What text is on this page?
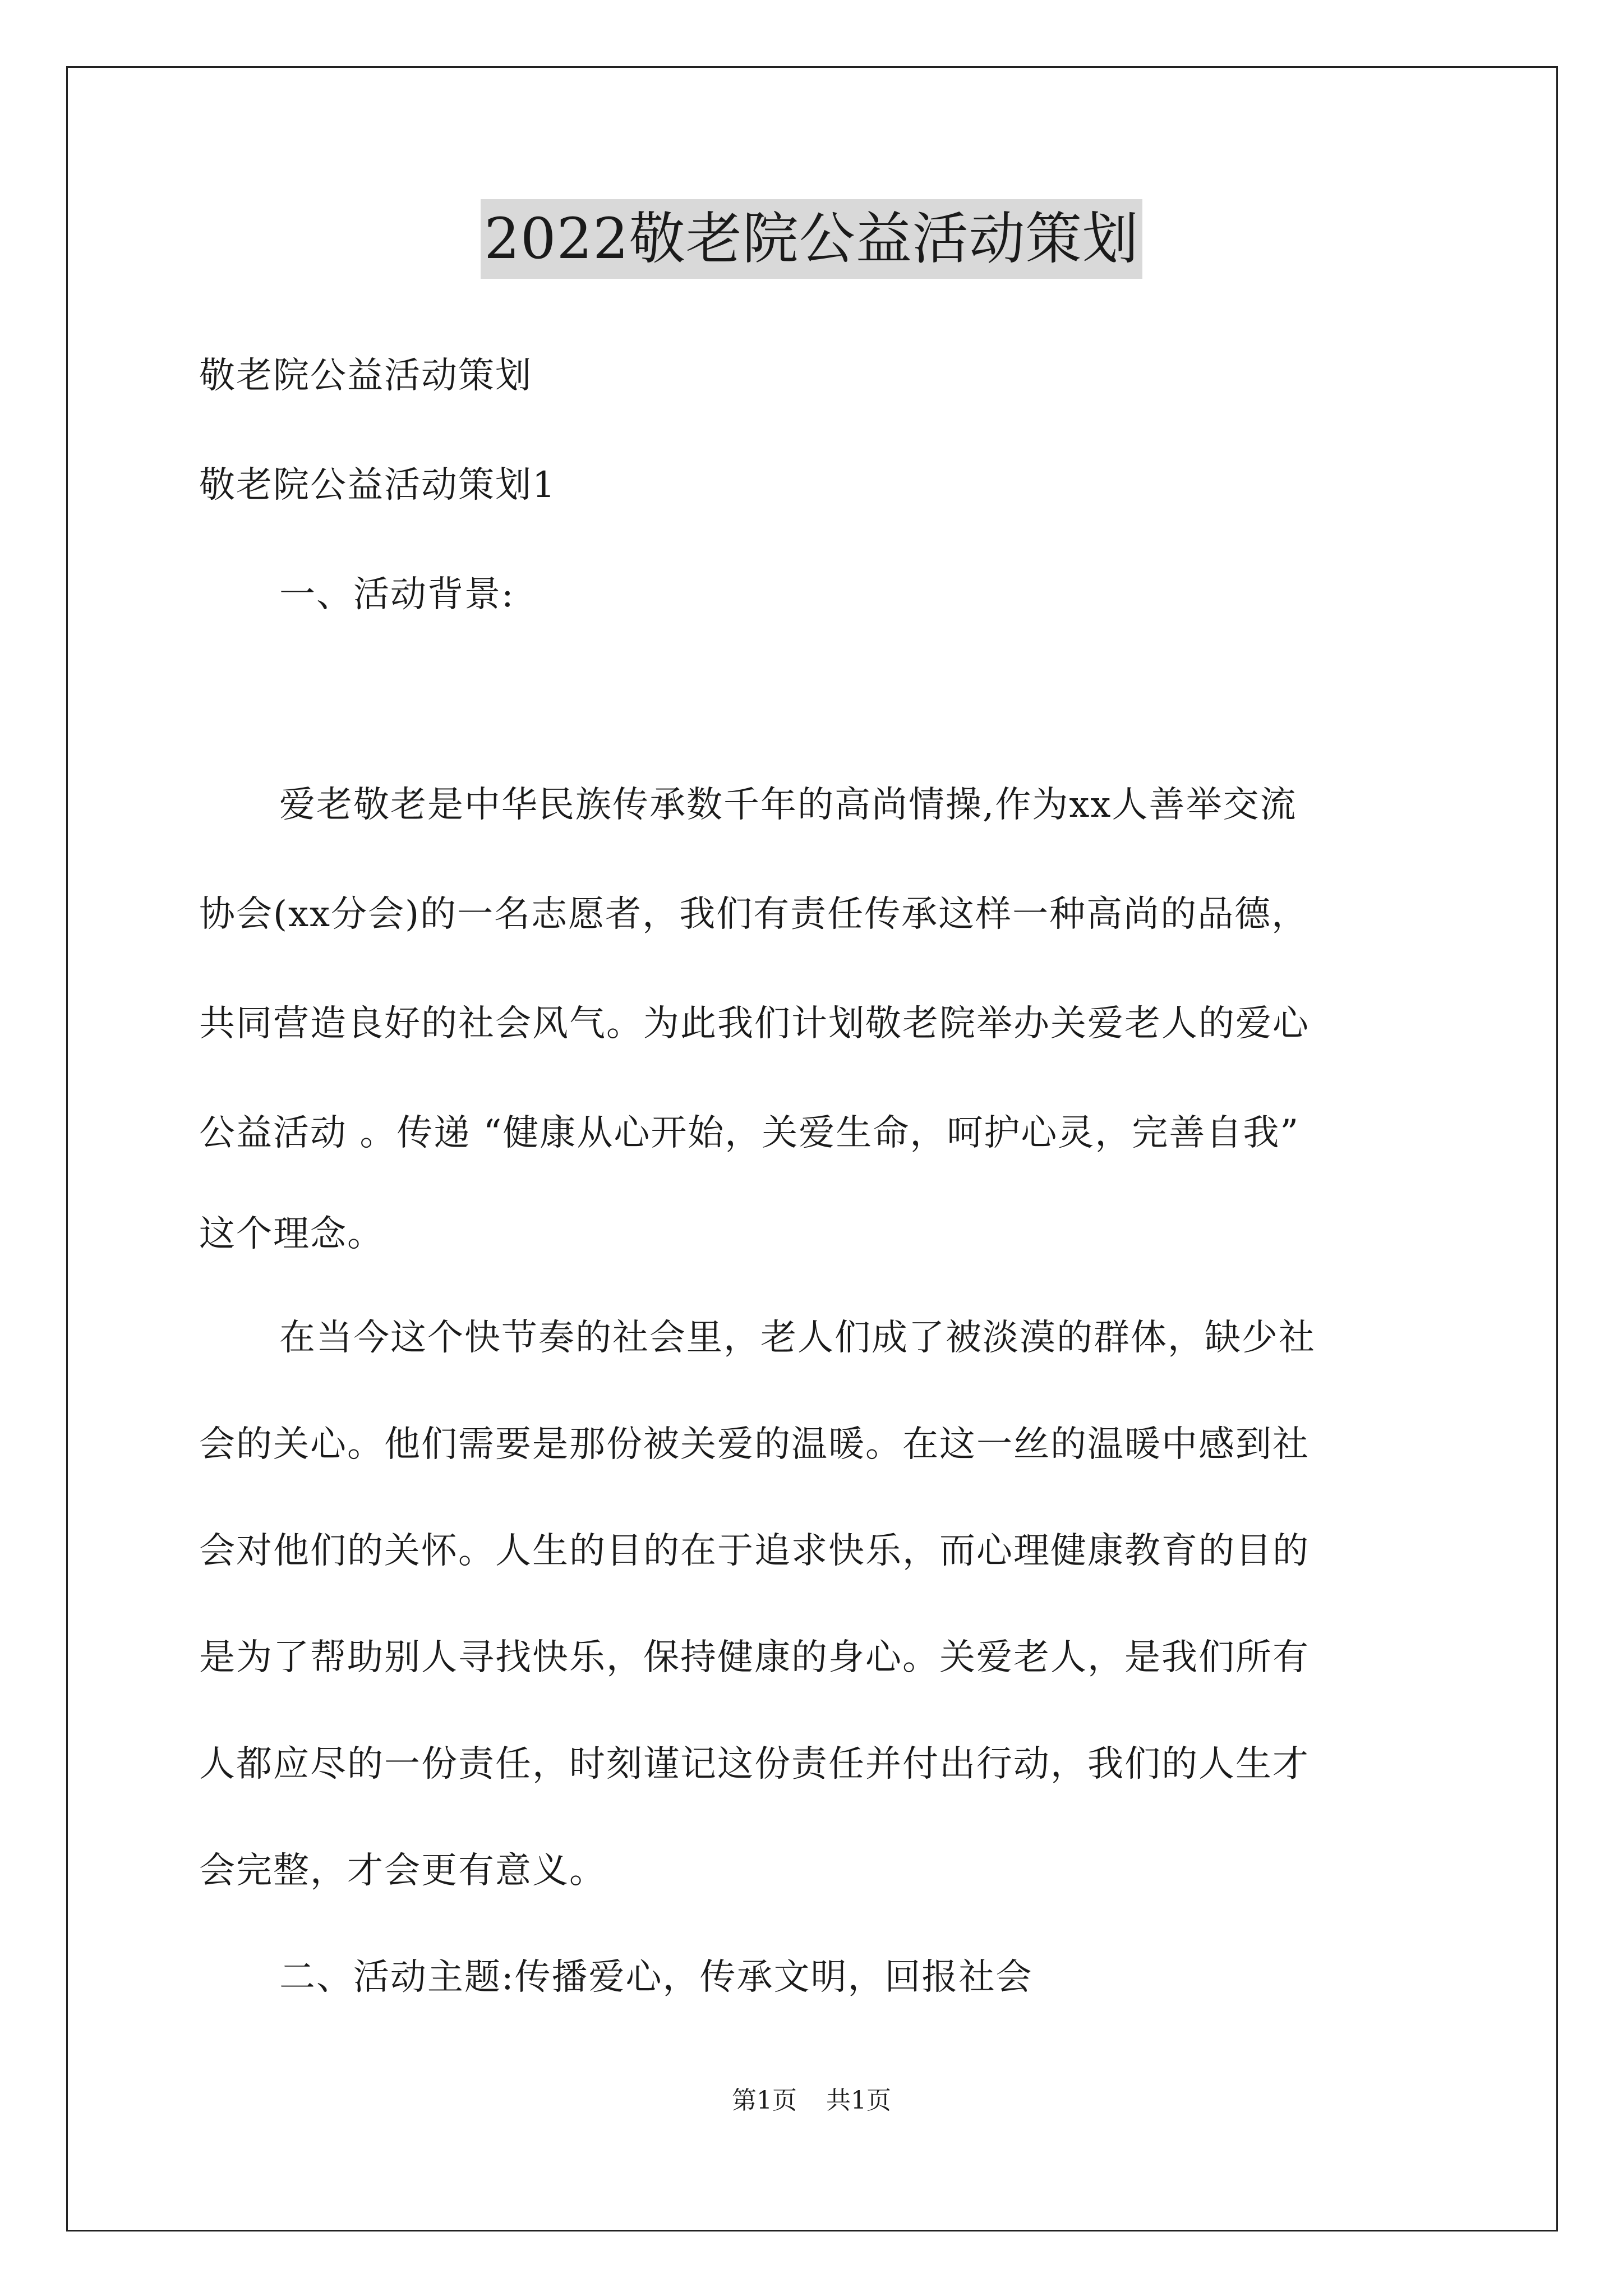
2022敬老院公益活动策划
敬老院公益活动策划
敬老院公益活动策划1
一、活动背景:
爱老敬老是中华民族传承数千年的高尚情操,作为xx人善举交流
协会(xx分会)的一名志愿者，我们有责任传承这样一种高尚的品德，
共同营造良好的社会风气。为此我们计划敬老院举办关爱老人的爱心
公益活动 。传递 “健康从心开始，关爱生命，呵护心灵，完善自我”
这个理念。
在当今这个快节奏的社会里，老人们成了被淡漠的群体，缺少社
会的关心。他们需要是那份被关爱的温暖。在这一丝的温暖中感到社
会对他们的关怀。人生的目的在于追求快乐，而心理健康教育的目的
是为了帮助别人寻找快乐，保持健康的身心。关爱老人，是我们所有
人都应尽的一份责任，时刻谨记这份责任并付出行动，我们的人生才
会完整，才会更有意义。
二、活动主题:传播爱心，传承文明，回报社会
第1页 共1页
